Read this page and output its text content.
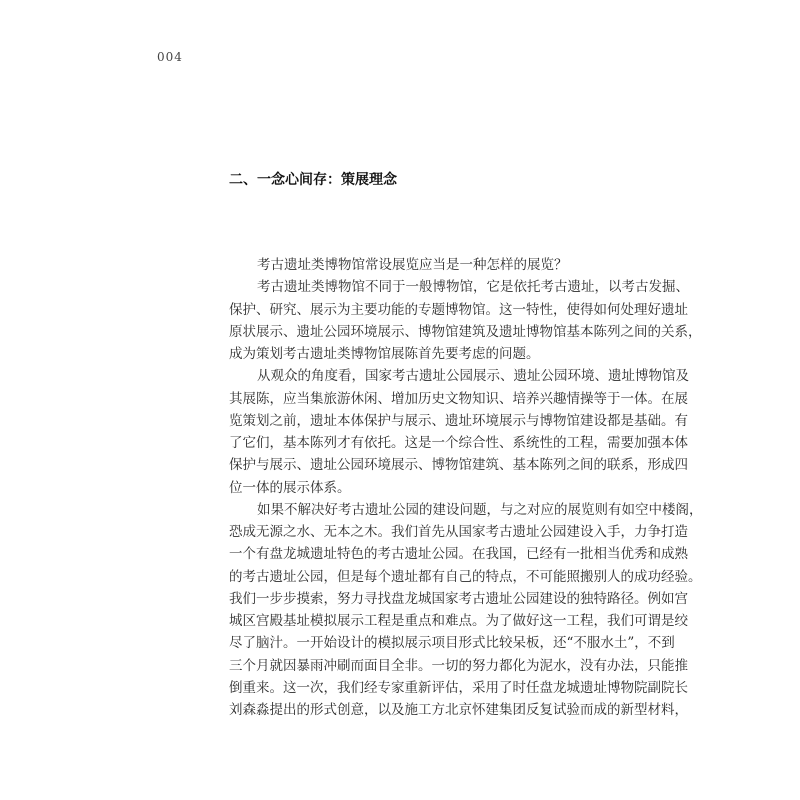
004
二、一念心间存：策展理念
考古遗址类博物馆常设展览应当是一种怎样的展览？
考古遗址类博物馆不同于一般博物馆，它是依托考古遗址，以考古发掘、
保护、研究、展示为主要功能的专题博物馆。这一特性，使得如何处理好遗址
原状展示、遗址公园环境展示、博物馆建筑及遗址博物馆基本陈列之间的关系，
成为策划考古遗址类博物馆展陈首先要考虑的问题。
从观众的角度看，国家考古遗址公园展示、遗址公园环境、遗址博物馆及
其展陈，应当集旅游休闲、增加历史文物知识、培养兴趣情操等于一体。在展
览策划之前，遗址本体保护与展示、遗址环境展示与博物馆建设都是基础。有
了它们，基本陈列才有依托。这是一个综合性、系统性的工程，需要加强本体
保护与展示、遗址公园环境展示、博物馆建筑、基本陈列之间的联系，形成四
位一体的展示体系。
如果不解决好考古遗址公园的建设问题，与之对应的展览则有如空中楼阁，
恐成无源之水、无本之木。我们首先从国家考古遗址公园建设入手，力争打造
一个有盘龙城遗址特色的考古遗址公园。在我国，已经有一批相当优秀和成熟
的考古遗址公园，但是每个遗址都有自己的特点，不可能照搬别人的成功经验。
我们一步步摸索，努力寻找盘龙城国家考古遗址公园建设的独特路径。例如宫
城区宫殿基址模拟展示工程是重点和难点。为了做好这一工程，我们可谓是绞
尽了脑汁。一开始设计的模拟展示项目形式比较呆板，还“不服水土”，不到
三个月就因暴雨冲刷而面目全非。一切的努力都化为泥水，没有办法，只能推
倒重来。这一次，我们经专家重新评估，采用了时任盘龙城遗址博物院副院长
刘森淼提出的形式创意，以及施工方北京怀建集团反复试验而成的新型材料，
